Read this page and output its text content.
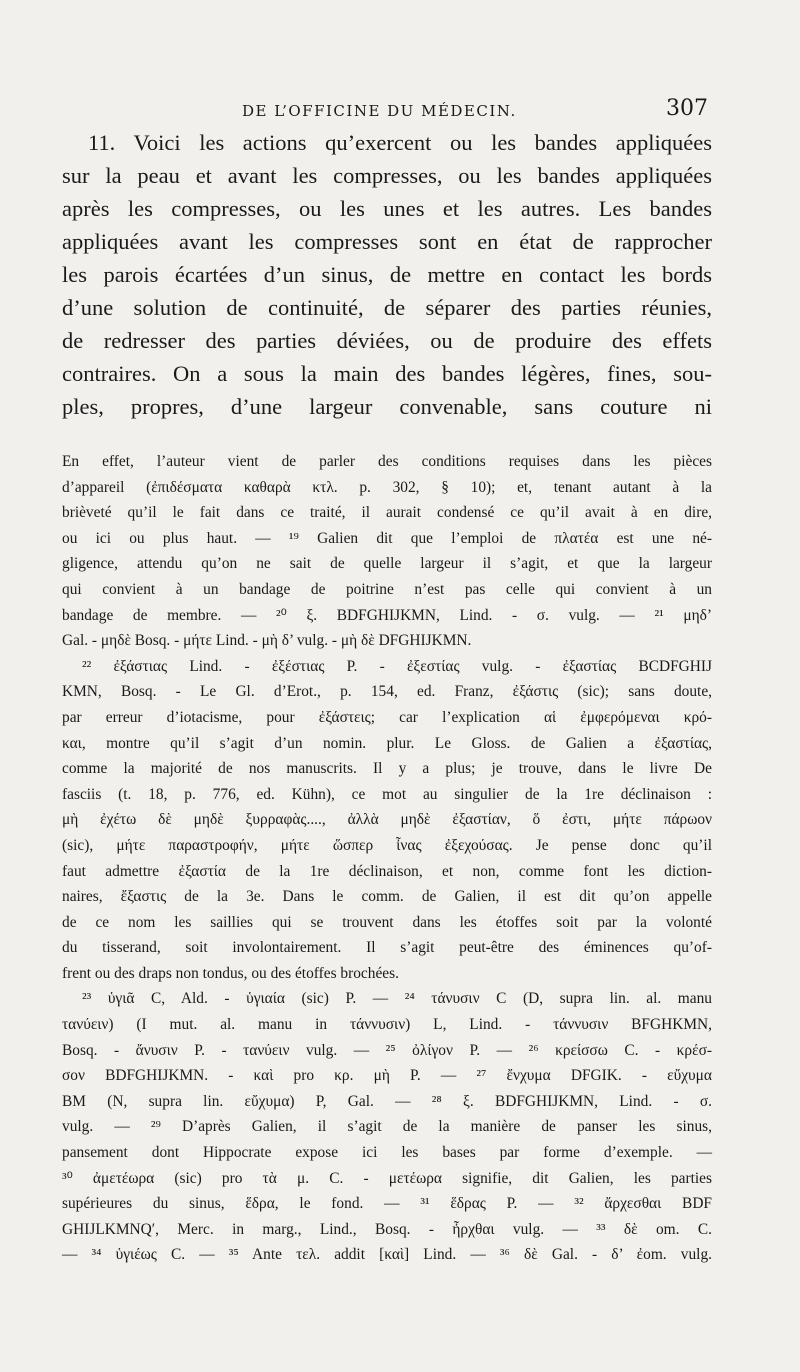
DE L’OFFICINE DU MÉDECIN.	307
11. Voici les actions qu’exercent ou les bandes appliquées
sur la peau et avant les compresses, ou les bandes appliquées
après les compresses, ou les unes et les autres. Les bandes
appliquées avant les compresses sont en état de rapprocher
les parois écartées d’un sinus, de mettre en contact les bords
d’une solution de continuité, de séparer des parties réunies,
de redresser des parties déviées, ou de produire des effets
contraires. On a sous la main des bandes légères, fines, sou-
ples, propres, d’une largeur convenable, sans couture ni
En effet, l’auteur vient de parler des conditions requises dans les pièces
d’appareil (ἐπιδέσματα καθαρὰ κτλ. p. 302, § 10); et, tenant autant à la
brièveté qu’il le fait dans ce traité, il aurait condensé ce qu’il avait à en dire,
ou ici ou plus haut. — ¹⁹ Galien dit que l’emploi de πλατέα est une né-
gligence, attendu qu’on ne sait de quelle largeur il s’agit, et que la largeur
qui convient à un bandage de poitrine n’est pas celle qui convient à un
bandage de membre. — ²⁰ ξ. BDFGHIJKMN, Lind. - σ. vulg. — ²¹ μηδ’
Gal. - μηδὲ Bosq. - μήτε Lind. - μὴ δ’ vulg. - μὴ δὲ DFGHIJKMN.
²² ἐξάστιας Lind. - ἐξέστιας P. - ἐξεστίας vulg. - ἐξαστίας BCDFGHIJ
KMN, Bosq. - Le Gl. d’Erot., p. 154, ed. Franz, ἐξάστις (sic); sans doute,
par erreur d’iotacisme, pour ἐξάστεις; car l’explication αἱ ἐμφερόμεναι κρό-
και, montre qu’il s’agit d’un nomin. plur. Le Gloss. de Galien a ἐξαστίας,
comme la majorité de nos manuscrits. Il y a plus; je trouve, dans le livre De
fasciis (t. 18, p. 776, ed. Kühn), ce mot au singulier de la 1re déclinaison :
μὴ ἐχέτω δὲ μηδὲ ξυρραφὰς...., ἀλλὰ μηδὲ ἐξαστίαν, ὅ ἐστι, μήτε πάρωον
(sic), μήτε παραστροφήν, μήτε ὥσπερ ἶνας ἐξεχούσας. Je pense donc qu’il
faut admettre ἐξαστία de la 1re déclinaison, et non, comme font les diction-
naires, ἔξαστις de la 3e. Dans le comm. de Galien, il est dit qu’on appelle
de ce nom les saillies qui se trouvent dans les étoffes soit par la volonté
du tisserand, soit involontairement. Il s’agit peut-être des éminences qu’of-
frent ou des draps non tondus, ou des étoffes brochées.
²³ ὑγιᾶ C, Ald. - ὑγιαία (sic) P. — ²⁴ τάνυσιν C (D, supra lin. al. manu
τανύειν) (I mut. al. manu in τάννυσιν) L, Lind. - τάννυσιν BFGHKMN,
Bosq. - ἄνυσιν P. - τανύειν vulg. — ²⁵ ὀλίγον P. — ²⁶ κρείσσω C. - κρέσ-
σον BDFGHIJKMN. - καὶ pro κρ. μὴ P. — ²⁷ ἔνχυμα DFGIK. - εὔχυμα
BM (N, supra lin. εὔχυμα) P, Gal. — ²⁸ ξ. BDFGHIJKMN, Lind. - σ.
vulg. — ²⁹ D’après Galien, il s’agit de la manière de panser les sinus,
pansement dont Hippocrate expose ici les bases par forme d’exemple. —
³⁰ ἀμετέωρα (sic) pro τὰ μ. C. - μετέωρα signifie, dit Galien, les parties
supérieures du sinus, ἕδρα, le fond. — ³¹ ἕδρας P. — ³² ἄρχεσθαι BDF
GHIJLKMNQ′, Merc. in marg., Lind., Bosq. - ἦρχθαι vulg. — ³³ δὲ om. C.
— ³⁴ ὑγιέως C. — ³⁵ Ante τελ. addit [καὶ] Lind. — ³⁶ δὲ Gal. - δ’ ἐom. vulg.
